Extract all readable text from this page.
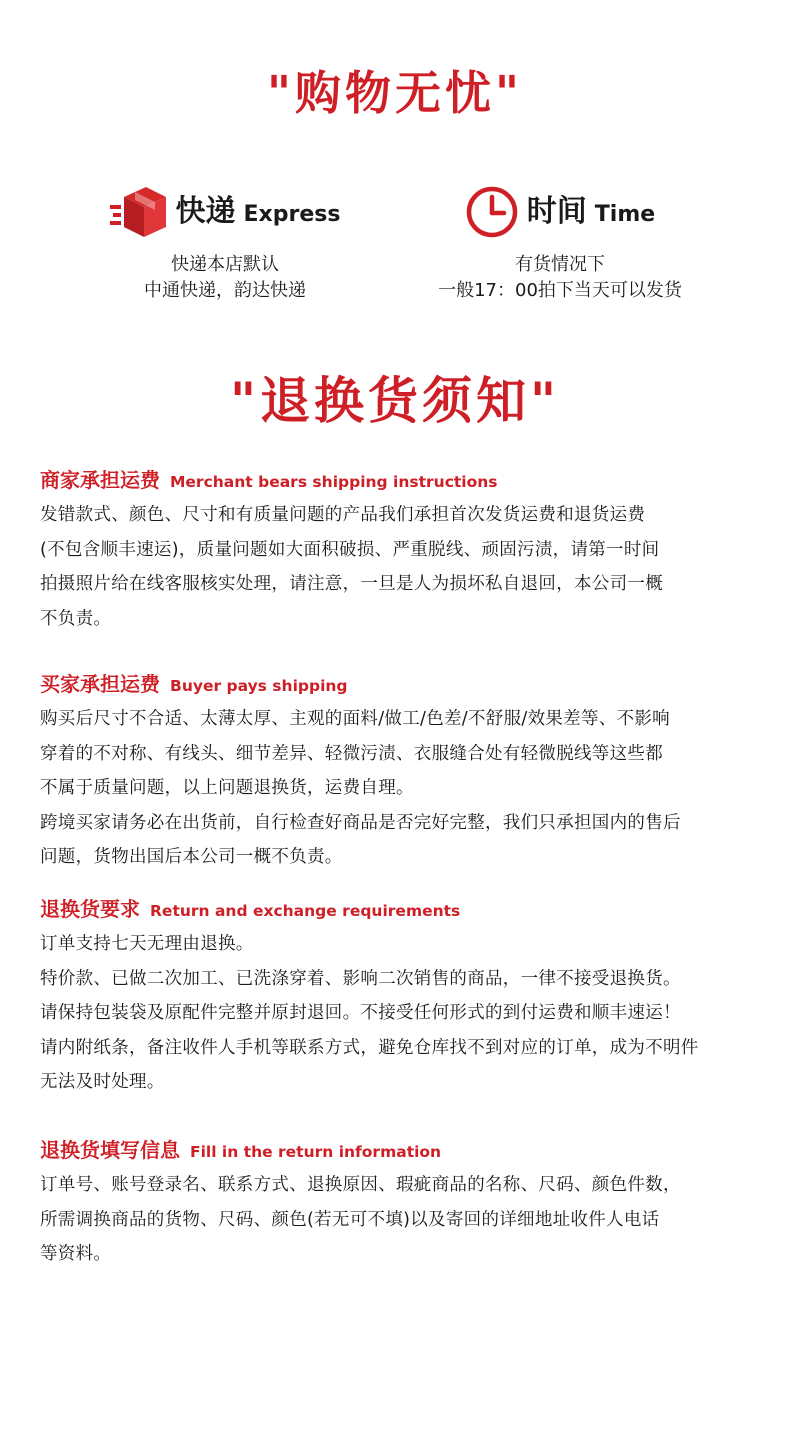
"购物无忧"
快递 Express
快递本店默认
中通快递，韵达快递
时间 Time
有货情况下
一般17：00拍下当天可以发货
"退换货须知"
商家承担运费 Merchant bears shipping instructions

发错款式、颜色、尺寸和有质量问题的产品我们承担首次发货运费和退货运费

(不包含顺丰速运)，质量问题如大面积破损、严重脱线、顽固污渍，请第一时间

拍摄照片给在线客服核实处理，请注意，一旦是人为损坏私自退回，本公司一概

不负责。

买家承担运费 Buyer pays shipping

购买后尺寸不合适、太薄太厚、主观的面料/做工/色差/不舒服/效果差等、不影响

穿着的不对称、有线头、细节差异、轻微污渍、衣服缝合处有轻微脱线等这些都

不属于质量问题，以上问题退换货，运费自理。

跨境买家请务必在出货前，自行检查好商品是否完好完整，我们只承担国内的售后

问题，货物出国后本公司一概不负责。

退换货要求 Return and exchange requirements

订单支持七天无理由退换。

特价款、已做二次加工、已洗涤穿着、影响二次销售的商品，一律不接受退换货。

请保持包装袋及原配件完整并原封退回。不接受任何形式的到付运费和顺丰速运！

请内附纸条，备注收件人手机等联系方式，避免仓库找不到对应的订单，成为不明件

无法及时处理。

退换货填写信息 Fill in the return information

订单号、账号登录名、联系方式、退换原因、瑕疵商品的名称、尺码、颜色件数，

所需调换商品的货物、尺码、颜色(若无可不填)以及寄回的详细地址收件人电话

等资料。
